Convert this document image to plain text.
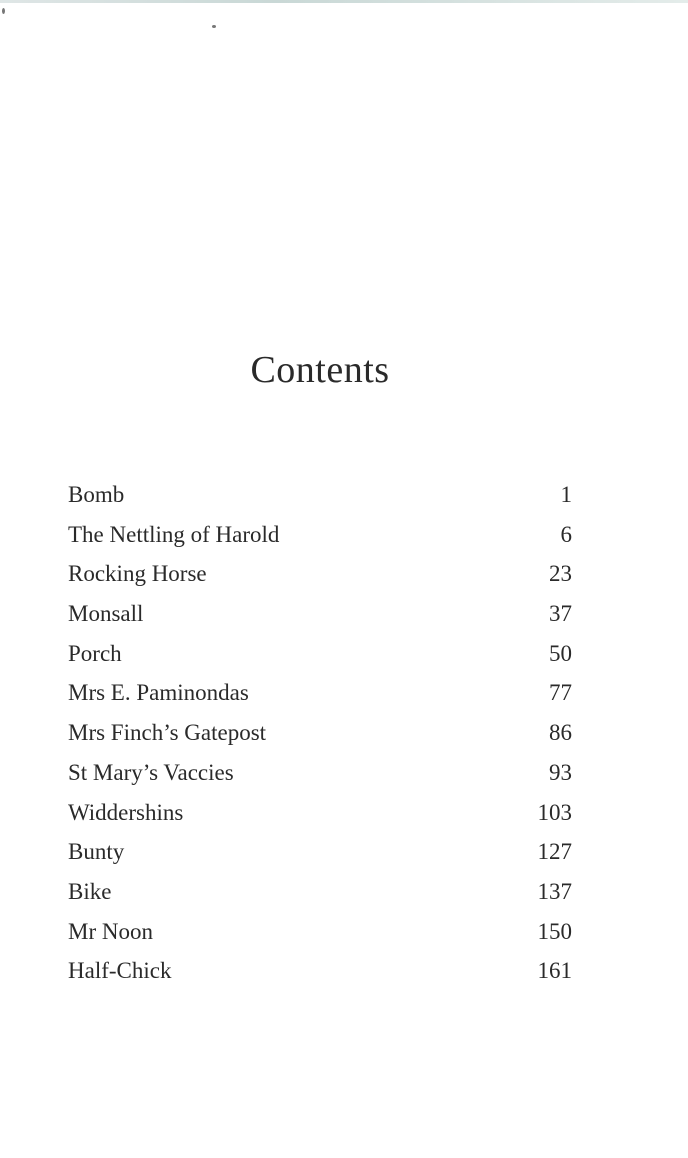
Contents
Bomb	1
The Nettling of Harold	6
Rocking Horse	23
Monsall	37
Porch	50
Mrs E. Paminondas	77
Mrs Finch’s Gatepost	86
St Mary’s Vaccies	93
Widdershins	103
Bunty	127
Bike	137
Mr Noon	150
Half-Chick	161
